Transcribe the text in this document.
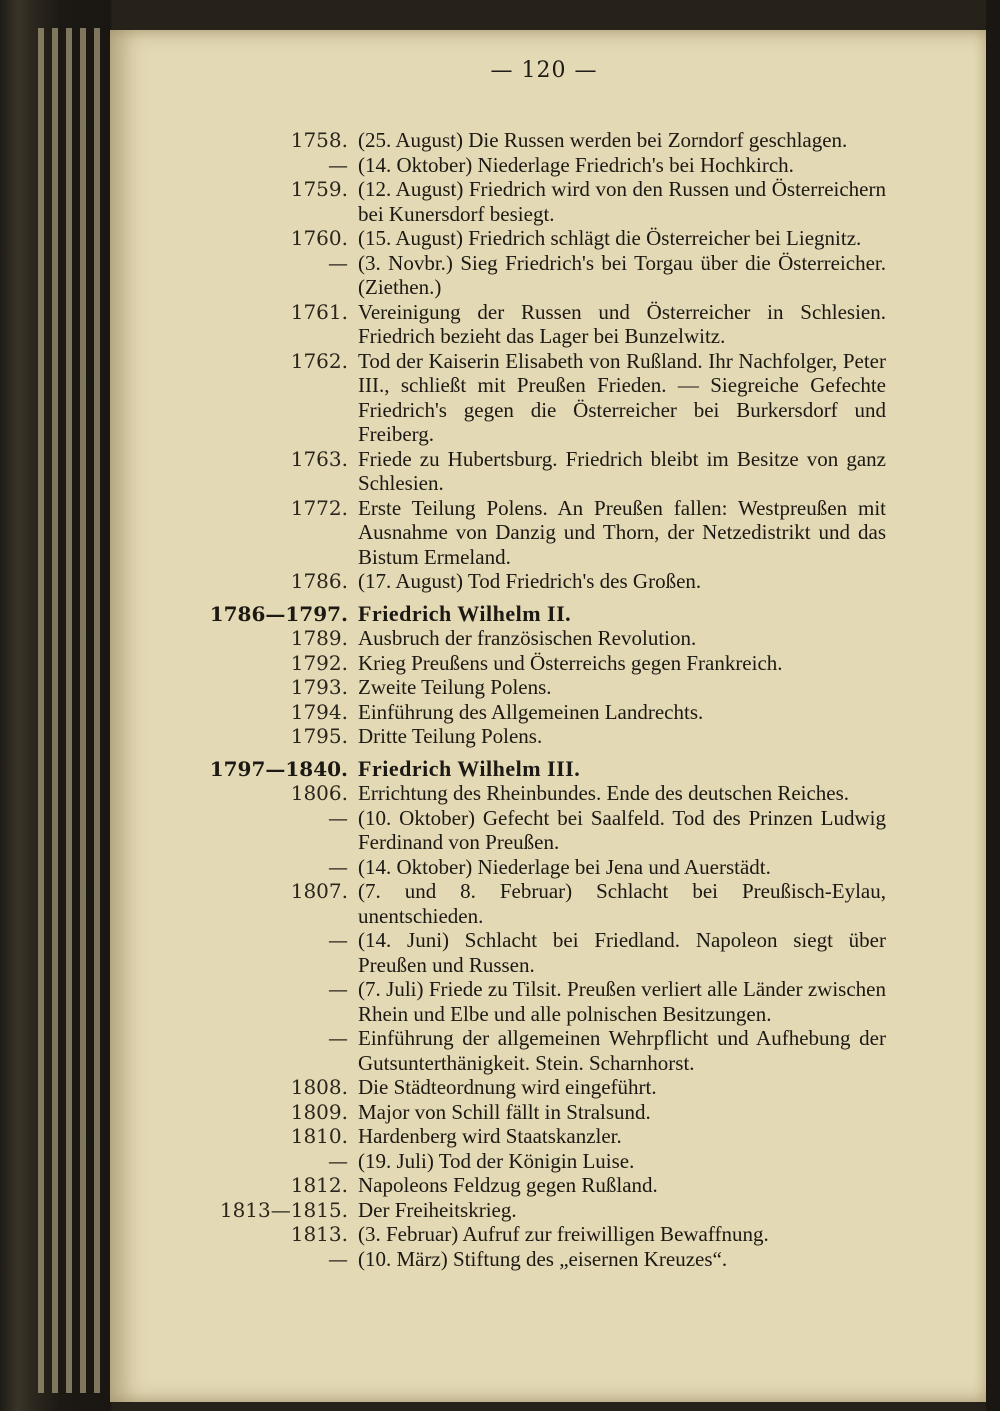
— 120 —
1758. (25. August) Die Russen werden bei Zorndorf geschlagen.
— (14. Oktober) Niederlage Friedrich's bei Hochkirch.
1759. (12. August) Friedrich wird von den Russen und Österreichern bei Kunersdorf besiegt.
1760. (15. August) Friedrich schlägt die Österreicher bei Liegnitz.
— (3. Novbr.) Sieg Friedrich's bei Torgau über die Österreicher. (Ziethen.)
1761. Vereinigung der Russen und Österreicher in Schlesien. Friedrich bezieht das Lager bei Bunzelwitz.
1762. Tod der Kaiserin Elisabeth von Rußland. Ihr Nachfolger, Peter III., schließt mit Preußen Frieden. — Siegreiche Gefechte Friedrich's gegen die Österreicher bei Burkersdorf und Freiberg.
1763. Friede zu Hubertsburg. Friedrich bleibt im Besitze von ganz Schlesien.
1772. Erste Teilung Polens. An Preußen fallen: Westpreußen mit Ausnahme von Danzig und Thorn, der Netzedistrikt und das Bistum Ermeland.
1786. (17. August) Tod Friedrich's des Großen.
1786—1797. Friedrich Wilhelm II.
1789. Ausbruch der französischen Revolution.
1792. Krieg Preußens und Österreichs gegen Frankreich.
1793. Zweite Teilung Polens.
1794. Einführung des Allgemeinen Landrechts.
1795. Dritte Teilung Polens.
1797—1840. Friedrich Wilhelm III.
1806. Errichtung des Rheinbundes. Ende des deutschen Reiches.
— (10. Oktober) Gefecht bei Saalfeld. Tod des Prinzen Ludwig Ferdinand von Preußen.
— (14. Oktober) Niederlage bei Jena und Auerstädt.
1807. (7. und 8. Februar) Schlacht bei Preußisch-Eylau, unentschieden.
— (14. Juni) Schlacht bei Friedland. Napoleon siegt über Preußen und Russen.
— (7. Juli) Friede zu Tilsit. Preußen verliert alle Länder zwischen Rhein und Elbe und alle polnischen Besitzungen.
— Einführung der allgemeinen Wehrpflicht und Aufhebung der Gutsunterthänigkeit. Stein. Scharnhorst.
1808. Die Städteordnung wird eingeführt.
1809. Major von Schill fällt in Stralsund.
1810. Hardenberg wird Staatskanzler.
— (19. Juli) Tod der Königin Luise.
1812. Napoleons Feldzug gegen Rußland.
1813—1815. Der Freiheitskrieg.
1813. (3. Februar) Aufruf zur freiwilligen Bewaffnung.
— (10. März) Stiftung des „eisernen Kreuzes“.
